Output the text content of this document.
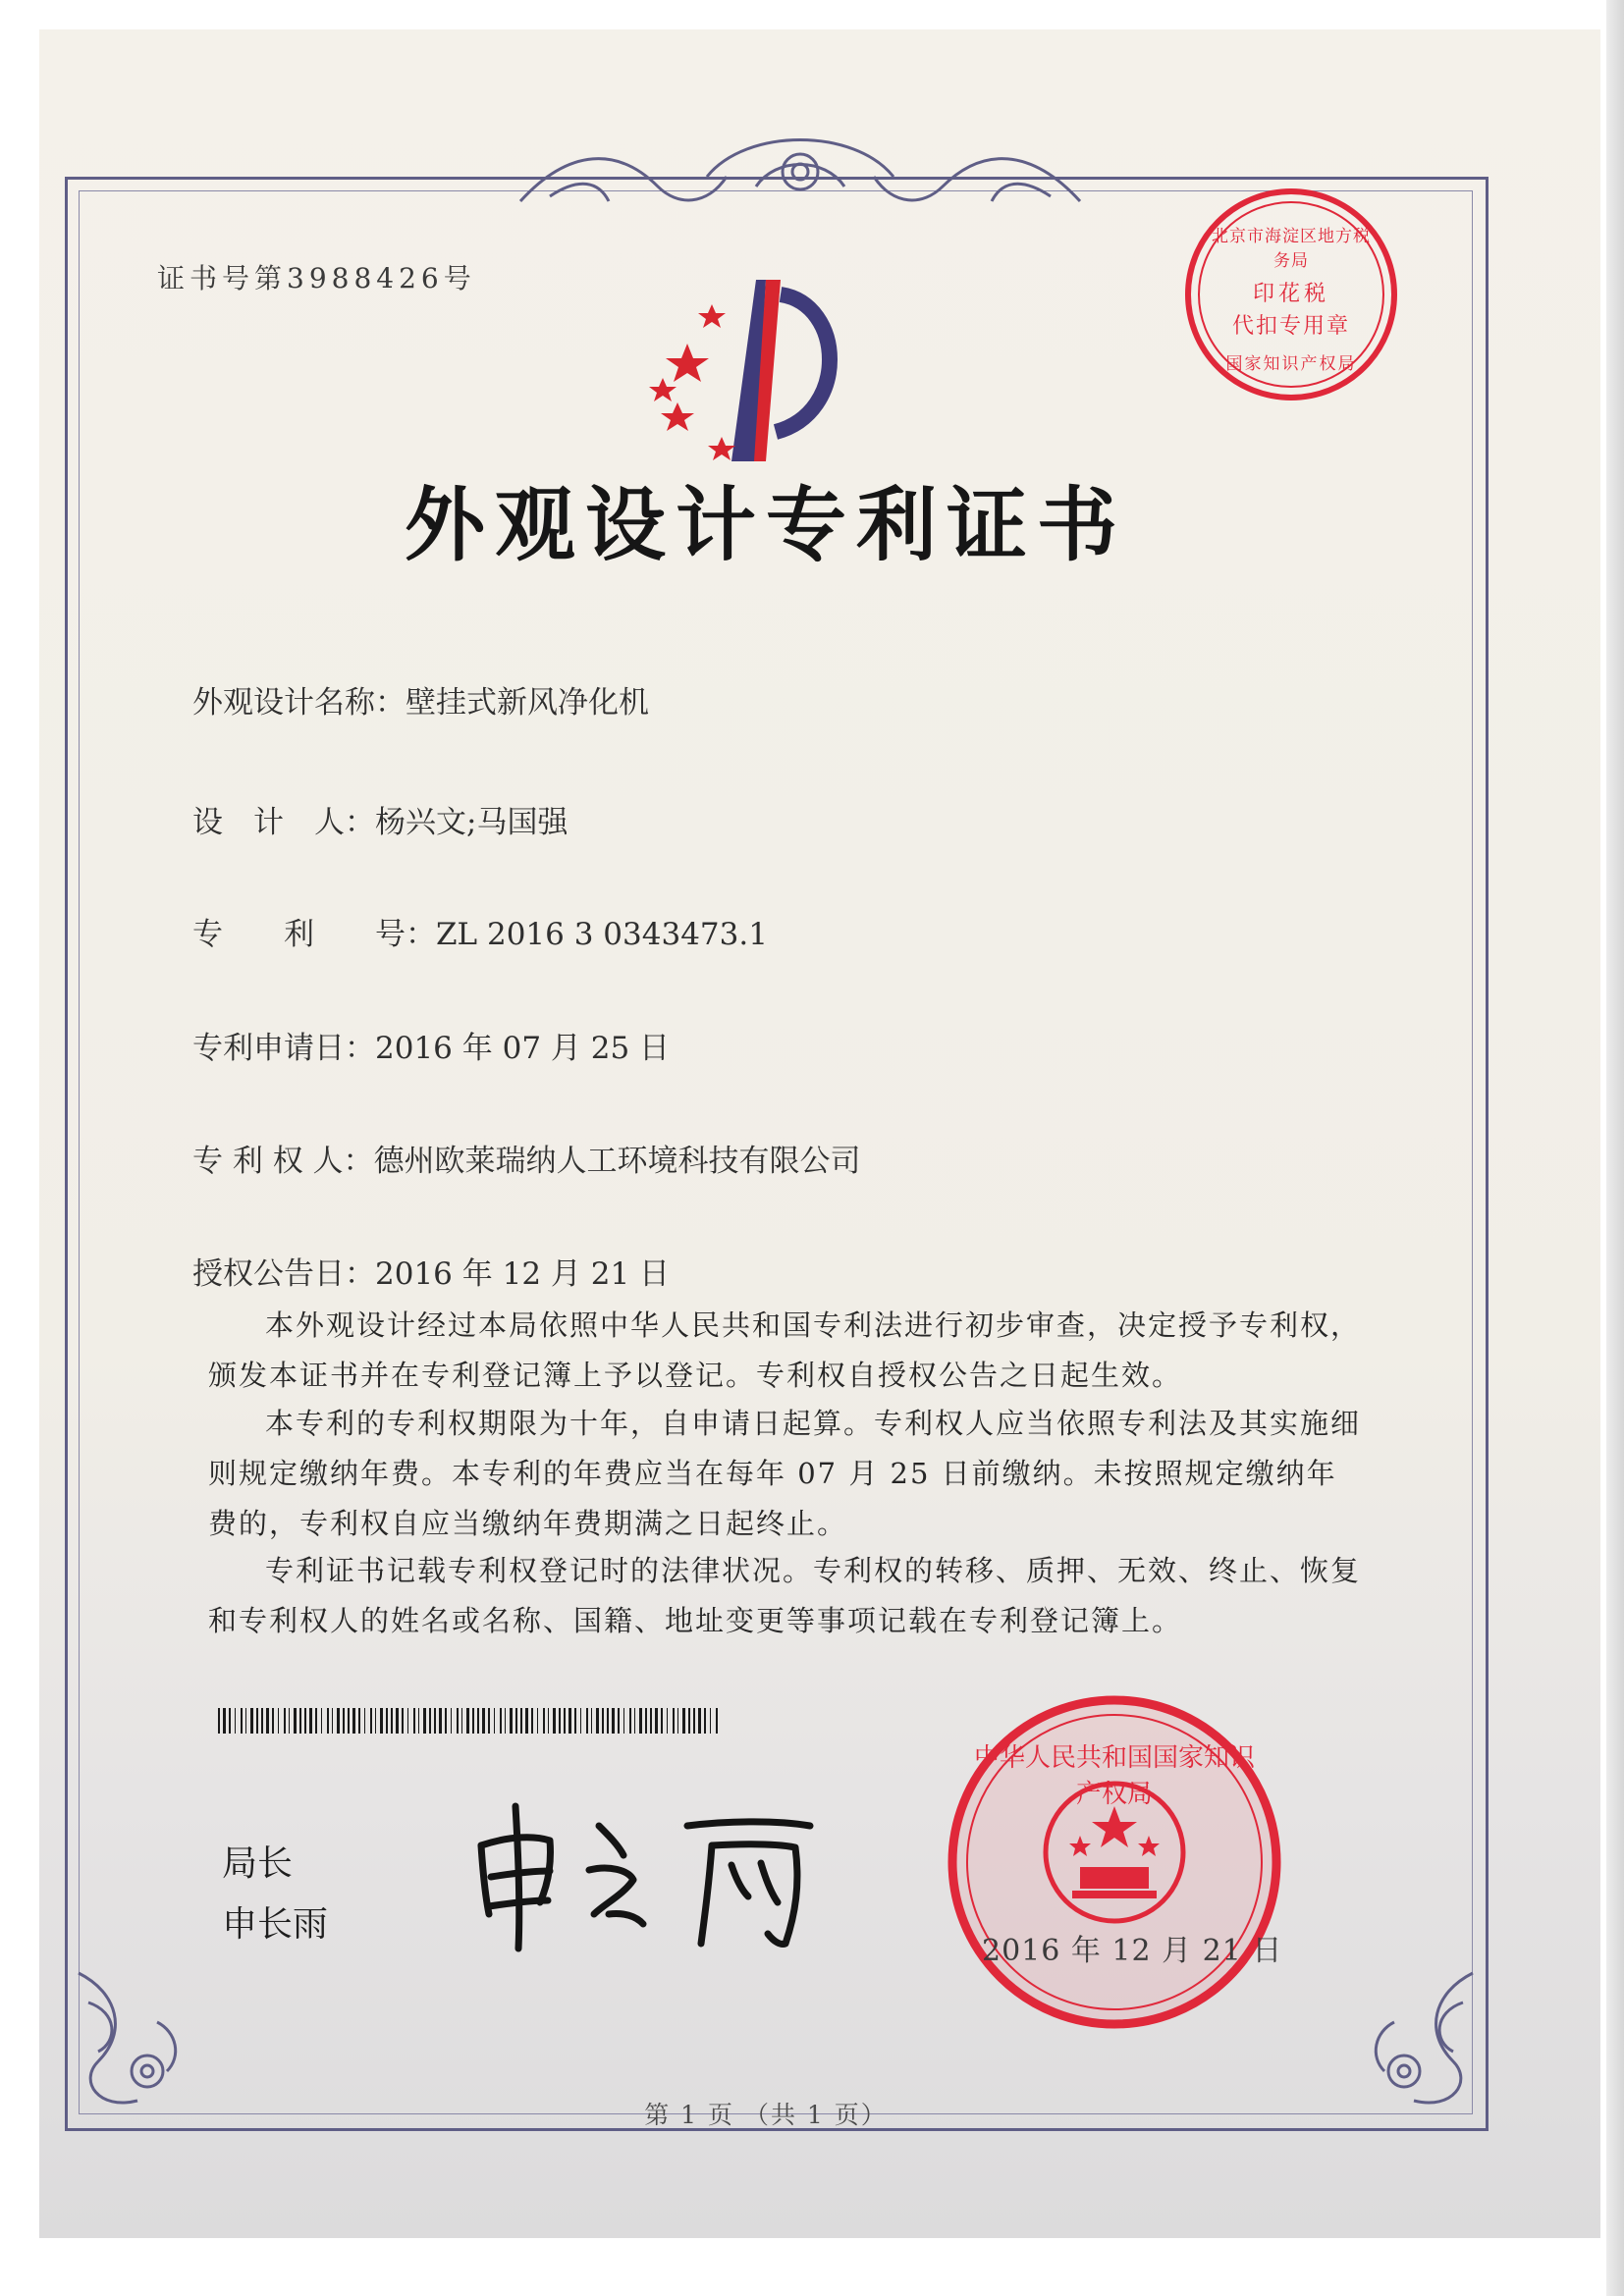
证书号第3988426号
北京市海淀区地方税务局
印花税
代扣专用章
国家知识产权局
外观设计专利证书
外观设计名称：壁挂式新风净化机
设　计　人：杨兴文;马国强
专　　利　　号：ZL 2016 3 0343473.1
专利申请日：2016 年 07 月 25 日
专 利 权 人：德州欧莱瑞纳人工环境科技有限公司
授权公告日：2016 年 12 月 21 日
本外观设计经过本局依照中华人民共和国专利法进行初步审查，决定授予专利权，颁发本证书并在专利登记簿上予以登记。专利权自授权公告之日起生效。
本专利的专利权期限为十年，自申请日起算。专利权人应当依照专利法及其实施细则规定缴纳年费。本专利的年费应当在每年 07 月 25 日前缴纳。未按照规定缴纳年费的，专利权自应当缴纳年费期满之日起终止。
专利证书记载专利权登记时的法律状况。专利权的转移、质押、无效、终止、恢复和专利权人的姓名或名称、国籍、地址变更等事项记载在专利登记簿上。
局长
申长雨
中华人民共和国国家知识产权局
2016 年 12 月 21 日
第 1 页 （共 1 页）
